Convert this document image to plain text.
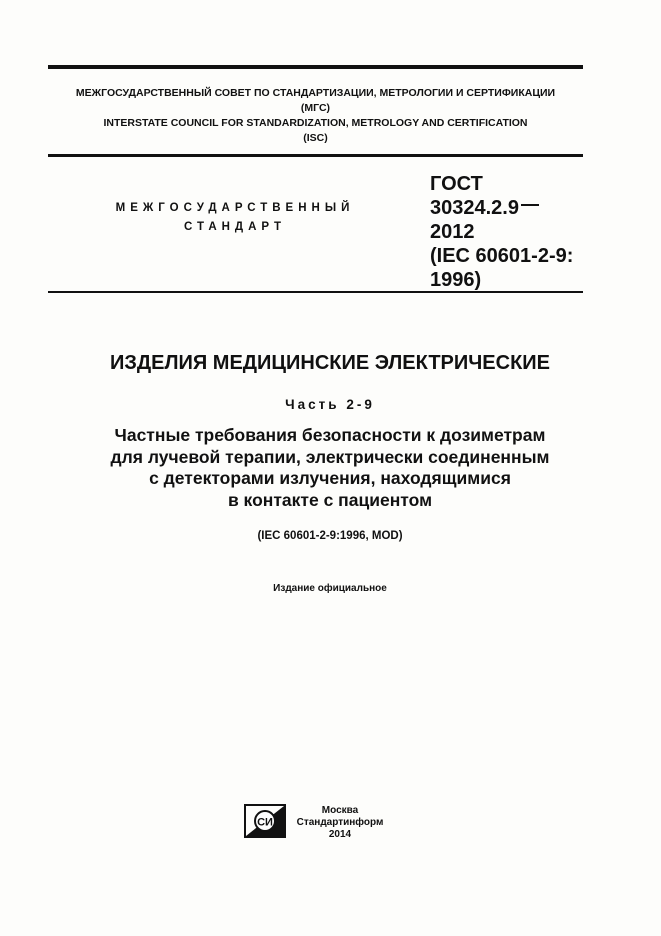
МЕЖГОСУДАРСТВЕННЫЙ СОВЕТ ПО СТАНДАРТИЗАЦИИ, МЕТРОЛОГИИ И СЕРТИФИКАЦИИ
(МГС)
INTERSTATE COUNCIL FOR STANDARDIZATION, METROLOGY AND CERTIFICATION
(ISC)
МЕЖГОСУДАРСТВЕННЫЙ
СТАНДАРТ
ГОСТ
30324.2.9
2012
(IEC 60601-2-9:
1996)
ИЗДЕЛИЯ МЕДИЦИНСКИЕ ЭЛЕКТРИЧЕСКИЕ
Часть 2-9
Частные требования безопасности к дозиметрам
для лучевой терапии, электрически соединенным
с детекторами излучения, находящимися
в контакте с пациентом
(IEC 60601-2-9:1996, MOD)
Издание официальное
СИ
Москва
Стандартинформ
2014
